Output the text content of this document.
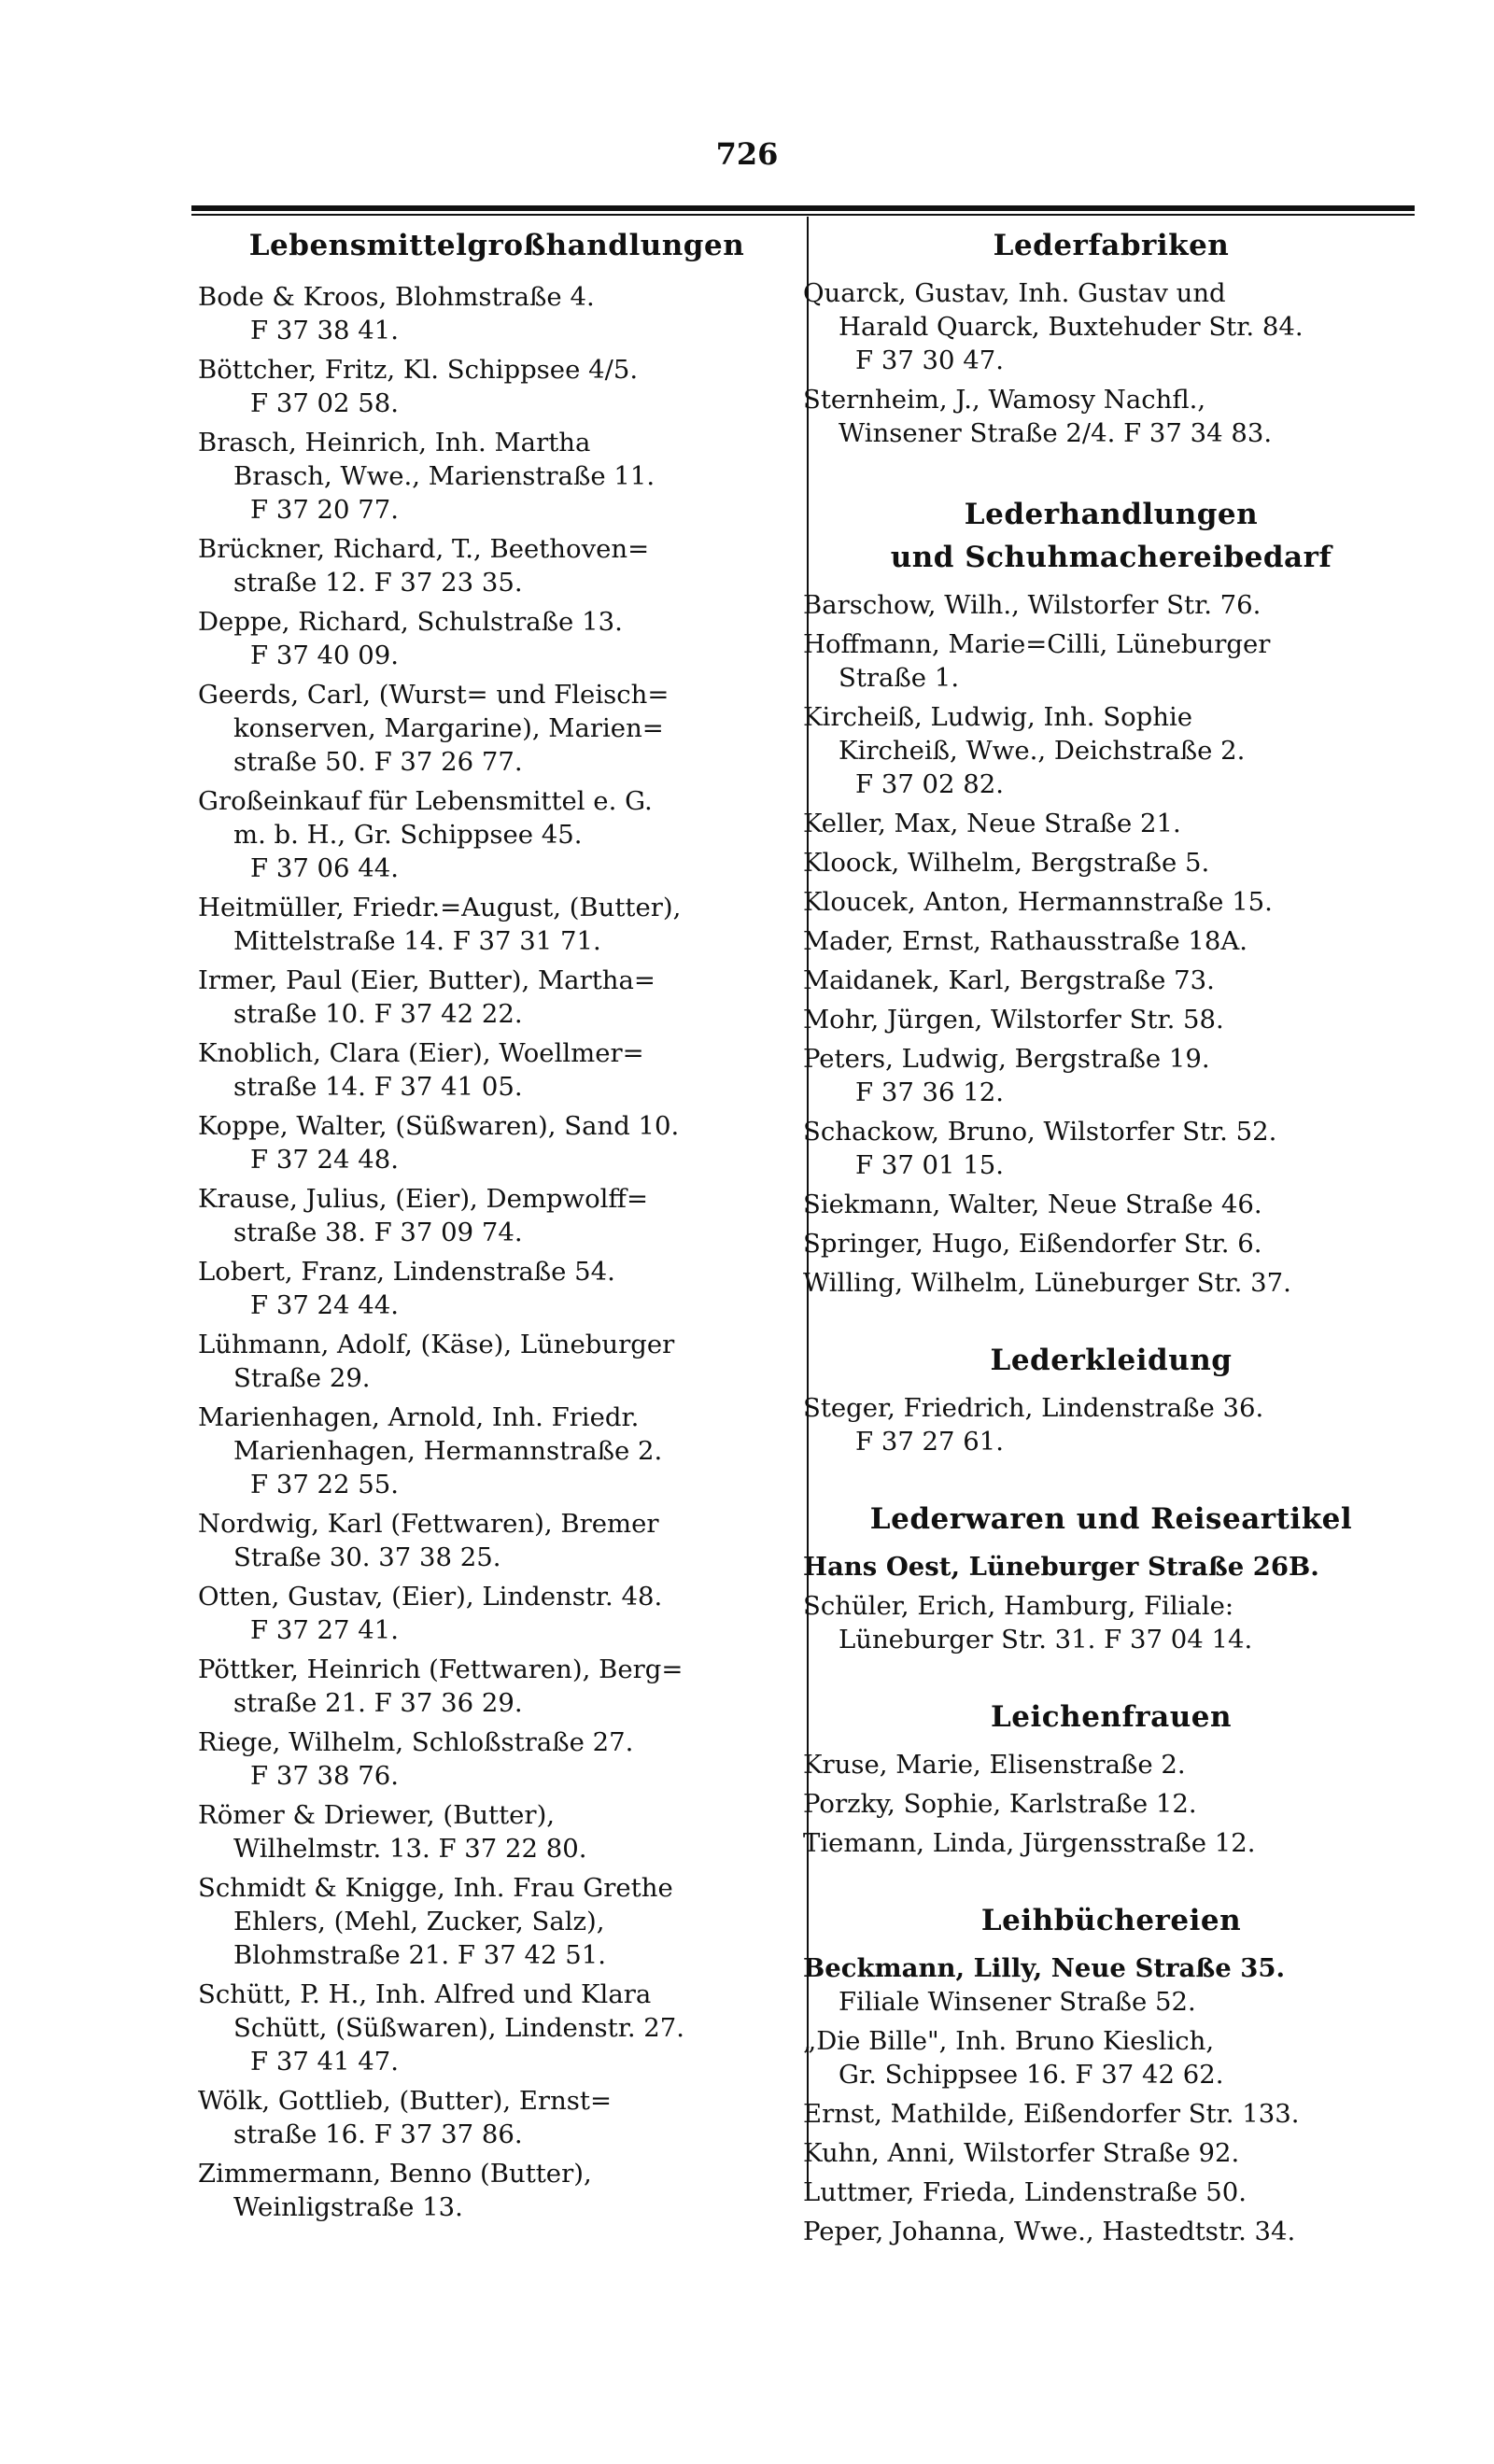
726
Lebensmittelgroßhandlungen
Bode & Kroos, Blohmstraße 4.
F 37 38 41.
Böttcher, Fritz, Kl. Schippsee 4/5.
F 37 02 58.
Brasch, Heinrich, Inh. Martha
Brasch, Wwe., Marienstraße 11.
F 37 20 77.
Brückner, Richard, T., Beethoven=
straße 12. F 37 23 35.
Deppe, Richard, Schulstraße 13.
F 37 40 09.
Geerds, Carl, (Wurst= und Fleisch=
konserven, Margarine), Marien=
straße 50. F 37 26 77.
Großeinkauf für Lebensmittel e. G.
m. b. H., Gr. Schippsee 45.
F 37 06 44.
Heitmüller, Friedr.=August, (Butter),
Mittelstraße 14. F 37 31 71.
Irmer, Paul (Eier, Butter), Martha=
straße 10. F 37 42 22.
Knoblich, Clara (Eier), Woellmer=
straße 14. F 37 41 05.
Koppe, Walter, (Süßwaren), Sand 10.
F 37 24 48.
Krause, Julius, (Eier), Dempwolff=
straße 38. F 37 09 74.
Lobert, Franz, Lindenstraße 54.
F 37 24 44.
Lühmann, Adolf, (Käse), Lüneburger
Straße 29.
Marienhagen, Arnold, Inh. Friedr.
Marienhagen, Hermannstraße 2.
F 37 22 55.
Nordwig, Karl (Fettwaren), Bremer
Straße 30. 37 38 25.
Otten, Gustav, (Eier), Lindenstr. 48.
F 37 27 41.
Pöttker, Heinrich (Fettwaren), Berg=
straße 21. F 37 36 29.
Riege, Wilhelm, Schloßstraße 27.
F 37 38 76.
Römer & Driewer, (Butter),
Wilhelmstr. 13. F 37 22 80.
Schmidt & Knigge, Inh. Frau Grethe
Ehlers, (Mehl, Zucker, Salz),
Blohmstraße 21. F 37 42 51.
Schütt, P. H., Inh. Alfred und Klara
Schütt, (Süßwaren), Lindenstr. 27.
F 37 41 47.
Wölk, Gottlieb, (Butter), Ernst=
straße 16. F 37 37 86.
Zimmermann, Benno (Butter),
Weinligstraße 13.
Lederfabriken
Quarck, Gustav, Inh. Gustav und
Harald Quarck, Buxtehuder Str. 84.
F 37 30 47.
Sternheim, J., Wamosy Nachfl.,
Winsener Straße 2/4. F 37 34 83.
Lederhandlungen
und Schuhmachereibedarf
Barschow, Wilh., Wilstorfer Str. 76.
Hoffmann, Marie=Cilli, Lüneburger
Straße 1.
Kircheiß, Ludwig, Inh. Sophie
Kircheiß, Wwe., Deichstraße 2.
F 37 02 82.
Keller, Max, Neue Straße 21.
Kloock, Wilhelm, Bergstraße 5.
Kloucek, Anton, Hermannstraße 15.
Mader, Ernst, Rathausstraße 18A.
Maidanek, Karl, Bergstraße 73.
Mohr, Jürgen, Wilstorfer Str. 58.
Peters, Ludwig, Bergstraße 19.
F 37 36 12.
Schackow, Bruno, Wilstorfer Str. 52.
F 37 01 15.
Siekmann, Walter, Neue Straße 46.
Springer, Hugo, Eißendorfer Str. 6.
Willing, Wilhelm, Lüneburger Str. 37.
Lederkleidung
Steger, Friedrich, Lindenstraße 36.
F 37 27 61.
Lederwaren und Reiseartikel
Hans Oest, Lüneburger Straße 26B.
Schüler, Erich, Hamburg, Filiale:
Lüneburger Str. 31. F 37 04 14.
Leichenfrauen
Kruse, Marie, Elisenstraße 2.
Porzky, Sophie, Karlstraße 12.
Tiemann, Linda, Jürgensstraße 12.
Leihbüchereien
Beckmann, Lilly, Neue Straße 35.
Filiale Winsener Straße 52.
„Die Bille", Inh. Bruno Kieslich,
Gr. Schippsee 16. F 37 42 62.
Ernst, Mathilde, Eißendorfer Str. 133.
Kuhn, Anni, Wilstorfer Straße 92.
Luttmer, Frieda, Lindenstraße 50.
Peper, Johanna, Wwe., Hastedtstr. 34.
